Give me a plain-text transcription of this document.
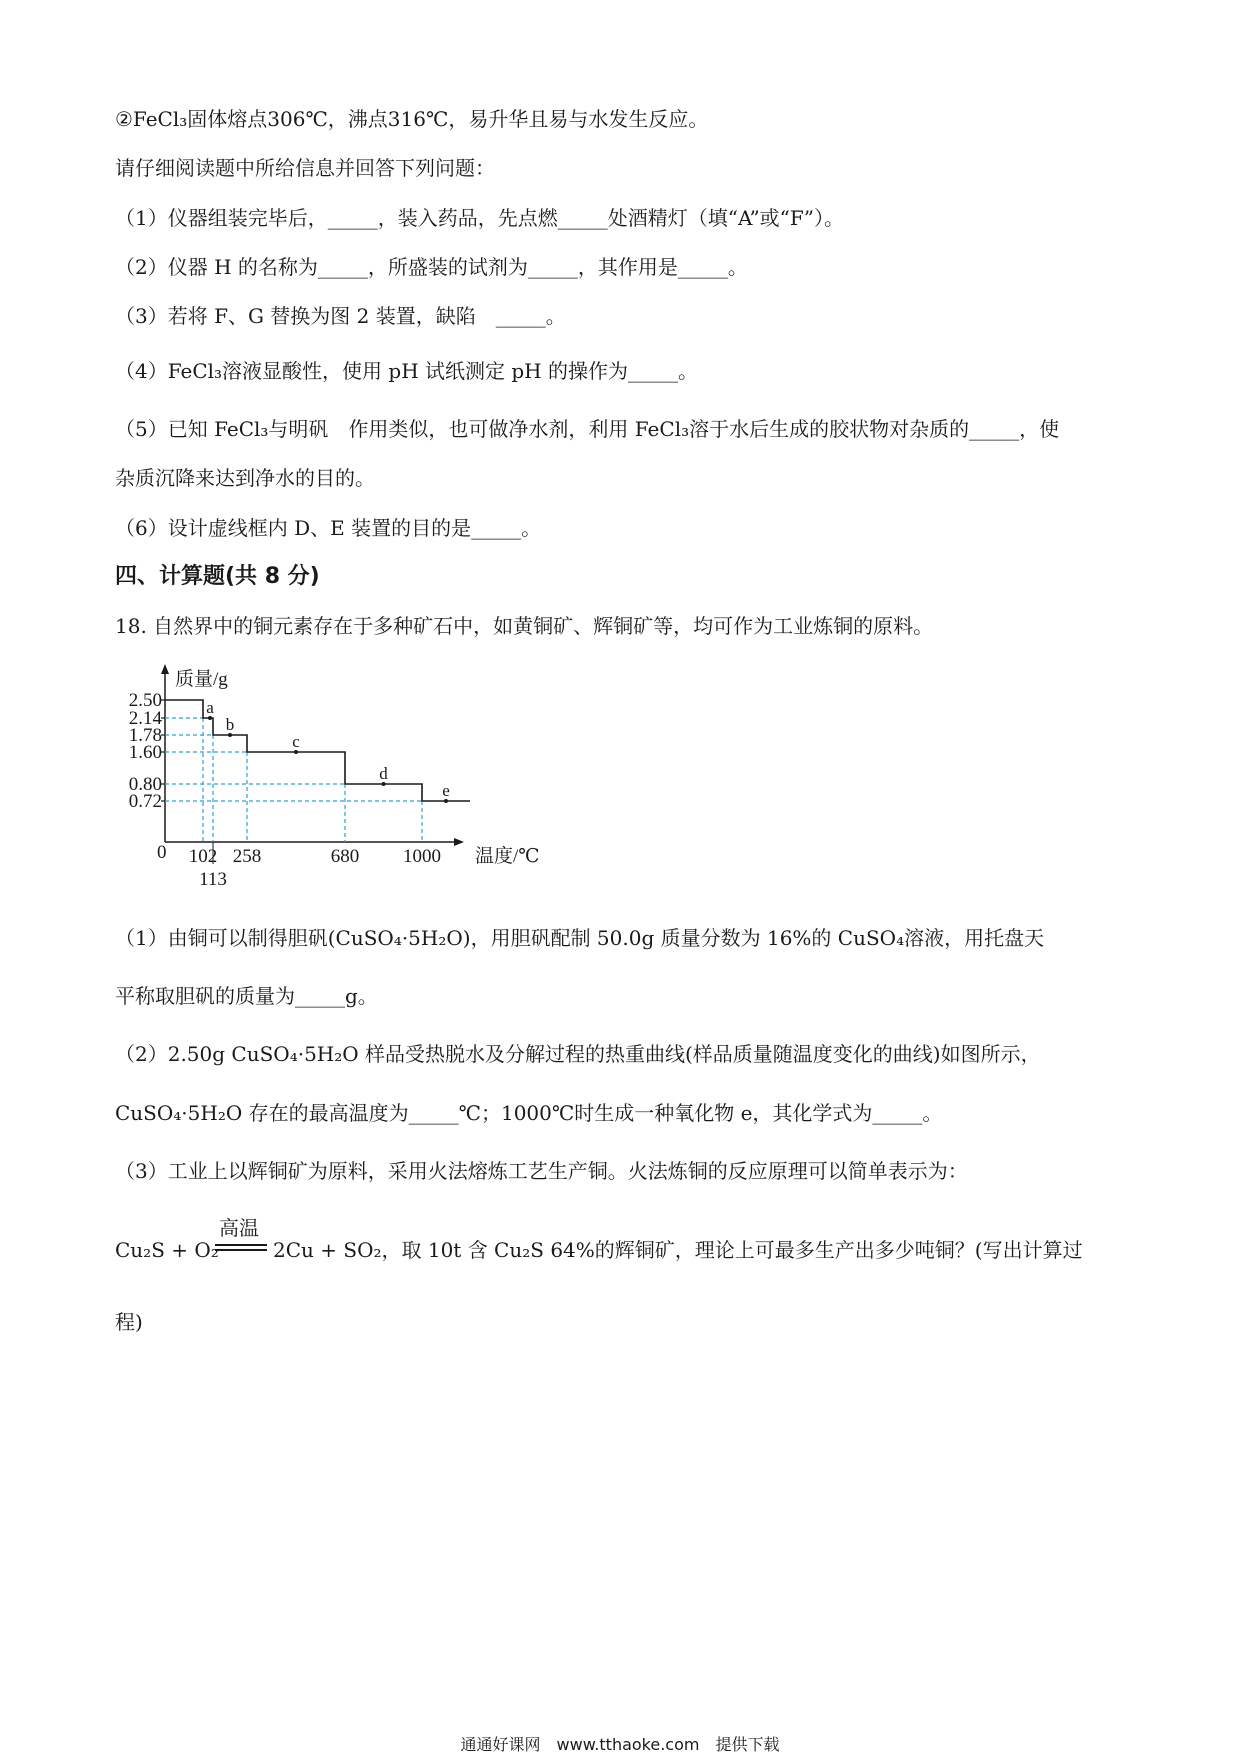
②FeCl₃固体熔点306℃，沸点316℃，易升华且易与水发生反应。
请仔细阅读题中所给信息并回答下列问题：
（1）仪器组装完毕后，_____，装入药品，先点燃_____处酒精灯（填“A”或“F”）。
（2）仪器 H 的名称为_____，所盛装的试剂为_____，其作用是_____。
（3）若将 F、G 替换为图 2 装置，缺陷　_____。
（4）FeCl₃溶液显酸性，使用 pH 试纸测定 pH 的操作为_____。
（5）已知 FeCl₃与明矾　作用类似，也可做净水剂，利用 FeCl₃溶于水后生成的胶状物对杂质的_____，使
杂质沉降来达到净水的目的。
（6）设计虚线框内 D、E 装置的目的是_____。
四、计算题(共 8 分)
18. 自然界中的铜元素存在于多种矿石中，如黄铜矿、辉铜矿等，均可作为工业炼铜的原料。
2.50
2.14
1.78
1.60
0.80
0.72
102
113
258	680 1000
a
b
c
d
e
质量/g
温度/℃
0
（1）由铜可以制得胆矾(CuSO₄·5H₂O)，用胆矾配制 50.0g 质量分数为 16%的 CuSO₄溶液，用托盘天
平称取胆矾的质量为_____g。
（2）2.50g CuSO₄·5H₂O 样品受热脱水及分解过程的热重曲线(样品质量随温度变化的曲线)如图所示，
CuSO₄·5H₂O 存在的最高温度为_____℃；1000℃时生成一种氧化物 e，其化学式为_____。
（3）工业上以辉铜矿为原料，采用火法熔炼工艺生产铜。火法炼铜的反应原理可以简单表示为：
Cu₂S + O₂
高温
2Cu + SO₂，取 10t 含 Cu₂S 64%的辉铜矿，理论上可最多生产出多少吨铜？(写出计算过
程)
通通好课网　www.tthaoke.com　提供下载
